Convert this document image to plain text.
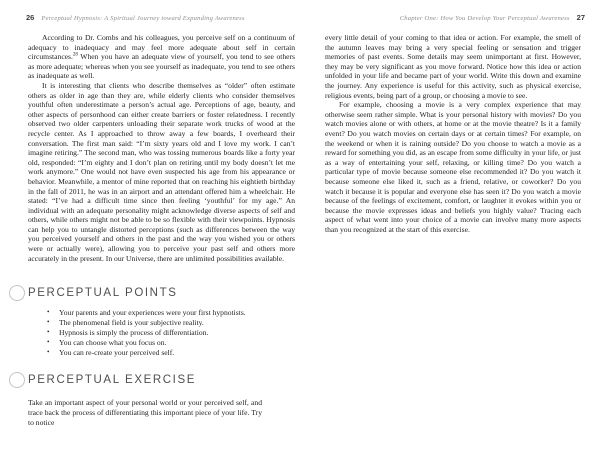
26 Perceptual Hypnosis: A Spiritual Journey toward Expanding Awareness

According to Dr. Combs and his colleagues, you perceive self on a continuum of adequacy to inadequacy and may feel more adequate about self in certain circumstances.$^{28}$ When you have an adequate view of yourself, you tend to see others as more adequate; whereas when you see yourself as inadequate, you tend to see others as inadequate as well.

It is interesting that clients who describe themselves as “older” often estimate others as older in age than they are, while elderly clients who consider themselves youthful often underestimate a person’s actual age. Perceptions of age, beauty, and other aspects of personhood can either create barriers or foster relatedness. I recently observed two older carpenters unloading their separate work trucks of wood at the recycle center. As I approached to throw away a few boards, I overheard their conversation. The first man said: “I’m sixty years old and I love my work. I can’t imagine retiring.” The second man, who was tossing numerous boards like a forty year old, responded: “I’m eighty and I don’t plan on retiring until my body doesn’t let me work anymore.” One would not have even suspected his age from his appearance or behavior. Meanwhile, a mentor of mine reported that on reaching his eightieth birthday in the fall of 2011, he was in an airport and an attendant offered him a wheelchair. He stated: “I’ve had a difficult time since then feeling ‘youthful’ for my age.” An individual with an adequate personality might acknowledge diverse aspects of self and others, while others might not be able to be so flexible with their viewpoints. Hypnosis can help you to untangle distorted perceptions (such as differences between the way you perceived yourself and others in the past and the way you wished you or others were or actually were), allowing you to perceive your past self and others more accurately in the present. In our Universe, there are unlimited possibilities available.

PERCEPTUAL POINTS
• Your parents and your experiences were your first hypnotists.
• The phenomenal field is your subjective reality.
• Hypnosis is simply the process of differentiation.
• You can choose what you focus on.
• You can re-create your perceived self.
PERCEPTUAL EXERCISE

Take an important aspect of your personal world or your perceived self, and trace back the process of differentiating this important piece of your life. Try to notice

Chapter One: How You Develop Your Perceptual Awareness 27

every little detail of your coming to that idea or action. For example, the smell of the autumn leaves may bring a very special feeling or sensation and trigger memories of past events. Some details may seem unimportant at first. However, they may be very significant as you move forward. Notice how this idea or action unfolded in your life and became part of your world. Write this down and examine the journey. Any experience is useful for this activity, such as physical exercise, religious events, being part of a group, or choosing a movie to see.

For example, choosing a movie is a very complex experience that may otherwise seem rather simple. What is your personal history with movies? Do you watch movies alone or with others, at home or at the movie theatre? Is it a family event? Do you watch movies on certain days or at certain times? For example, on the weekend or when it is raining outside? Do you choose to watch a movie as a reward for something you did, as an escape from some difficulty in your life, or just as a way of entertaining your self, relaxing, or killing time? Do you watch a particular type of movie because someone else recommended it? Do you watch it because someone else liked it, such as a friend, relative, or coworker? Do you watch it because it is popular and everyone else has seen it? Do you watch a movie because of the feelings of excitement, comfort, or laughter it evokes within you or because the movie expresses ideas and beliefs you highly value? Tracing each aspect of what went into your choice of a movie can involve many more aspects than you recognized at the start of this exercise.
